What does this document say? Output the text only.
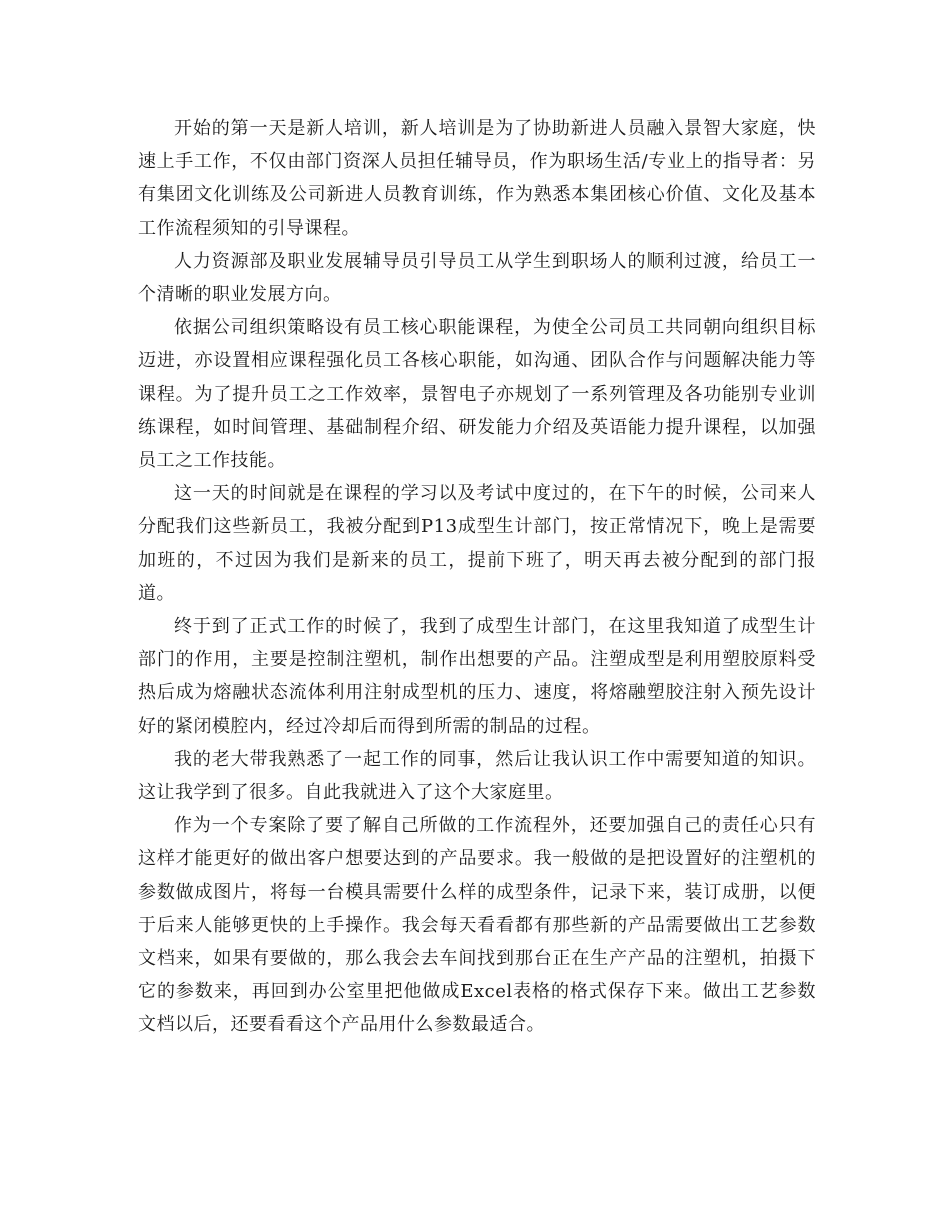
开始的第一天是新人培训，新人培训是为了协助新进人员融入景智大家庭，快速上手工作，不仅由部门资深人员担任辅导员，作为职场生活/专业上的指导者：另有集团文化训练及公司新进人员教育训练，作为熟悉本集团核心价值、文化及基本工作流程须知的引导课程。

人力资源部及职业发展辅导员引导员工从学生到职场人的顺利过渡，给员工一个清晰的职业发展方向。

依据公司组织策略设有员工核心职能课程，为使全公司员工共同朝向组织目标迈进，亦设置相应课程强化员工各核心职能，如沟通、团队合作与问题解决能力等课程。为了提升员工之工作效率，景智电子亦规划了一系列管理及各功能别专业训练课程，如时间管理、基础制程介绍、研发能力介绍及英语能力提升课程，以加强员工之工作技能。

这一天的时间就是在课程的学习以及考试中度过的，在下午的时候，公司来人分配我们这些新员工，我被分配到P13成型生计部门，按正常情况下，晚上是需要加班的，不过因为我们是新来的员工，提前下班了，明天再去被分配到的部门报道。

终于到了正式工作的时候了，我到了成型生计部门，在这里我知道了成型生计部门的作用，主要是控制注塑机，制作出想要的产品。注塑成型是利用塑胶原料受热后成为熔融状态流体利用注射成型机的压力、速度，将熔融塑胶注射入预先设计好的紧闭模腔内，经过冷却后而得到所需的制品的过程。

我的老大带我熟悉了一起工作的同事，然后让我认识工作中需要知道的知识。这让我学到了很多。自此我就进入了这个大家庭里。

作为一个专案除了要了解自己所做的工作流程外，还要加强自己的责任心只有这样才能更好的做出客户想要达到的产品要求。我一般做的是把设置好的注塑机的参数做成图片，将每一台模具需要什么样的成型条件，记录下来，装订成册，以便于后来人能够更快的上手操作。我会每天看看都有那些新的产品需要做出工艺参数文档来，如果有要做的，那么我会去车间找到那台正在生产产品的注塑机，拍摄下它的参数来，再回到办公室里把他做成Excel表格的格式保存下来。做出工艺参数文档以后，还要看看这个产品用什么参数最适合。
